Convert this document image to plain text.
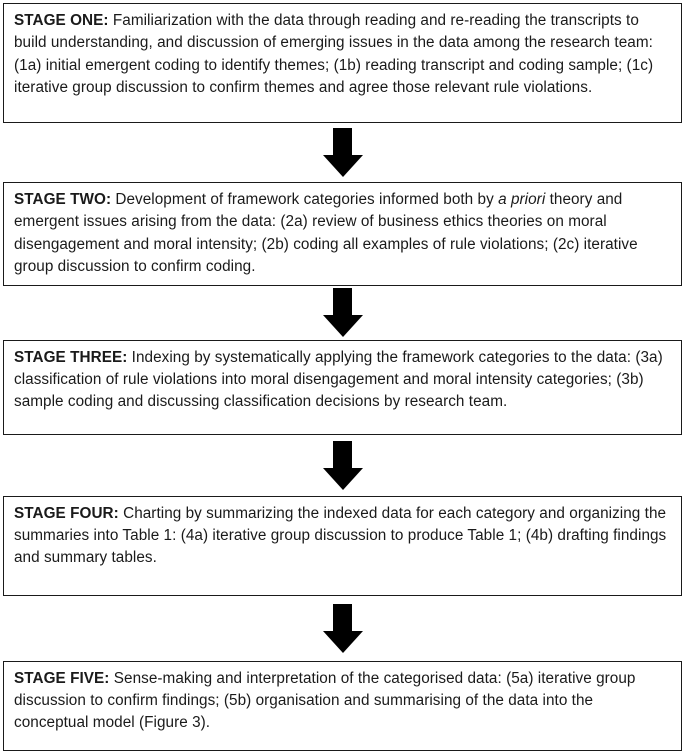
STAGE ONE: Familiarization with the data through reading and re-reading the transcripts to build understanding, and discussion of emerging issues in the data among the research team: (1a) initial emergent coding to identify themes; (1b) reading transcript and coding sample; (1c) iterative group discussion to confirm themes and agree those relevant rule violations.

STAGE TWO: Development of framework categories informed both by a priori theory and emergent issues arising from the data: (2a) review of business ethics theories on moral disengagement and moral intensity; (2b) coding all examples of rule violations; (2c) iterative group discussion to confirm coding.

STAGE THREE: Indexing by systematically applying the framework categories to the data: (3a) classification of rule violations into moral disengagement and moral intensity categories; (3b) sample coding and discussing classification decisions by research team.

STAGE FOUR: Charting by summarizing the indexed data for each category and organizing the summaries into Table 1: (4a) iterative group discussion to produce Table 1; (4b) drafting findings and summary tables.

STAGE FIVE: Sense-making and interpretation of the categorised data: (5a) iterative group discussion to confirm findings; (5b) organisation and summarising of the data into the conceptual model (Figure 3).
